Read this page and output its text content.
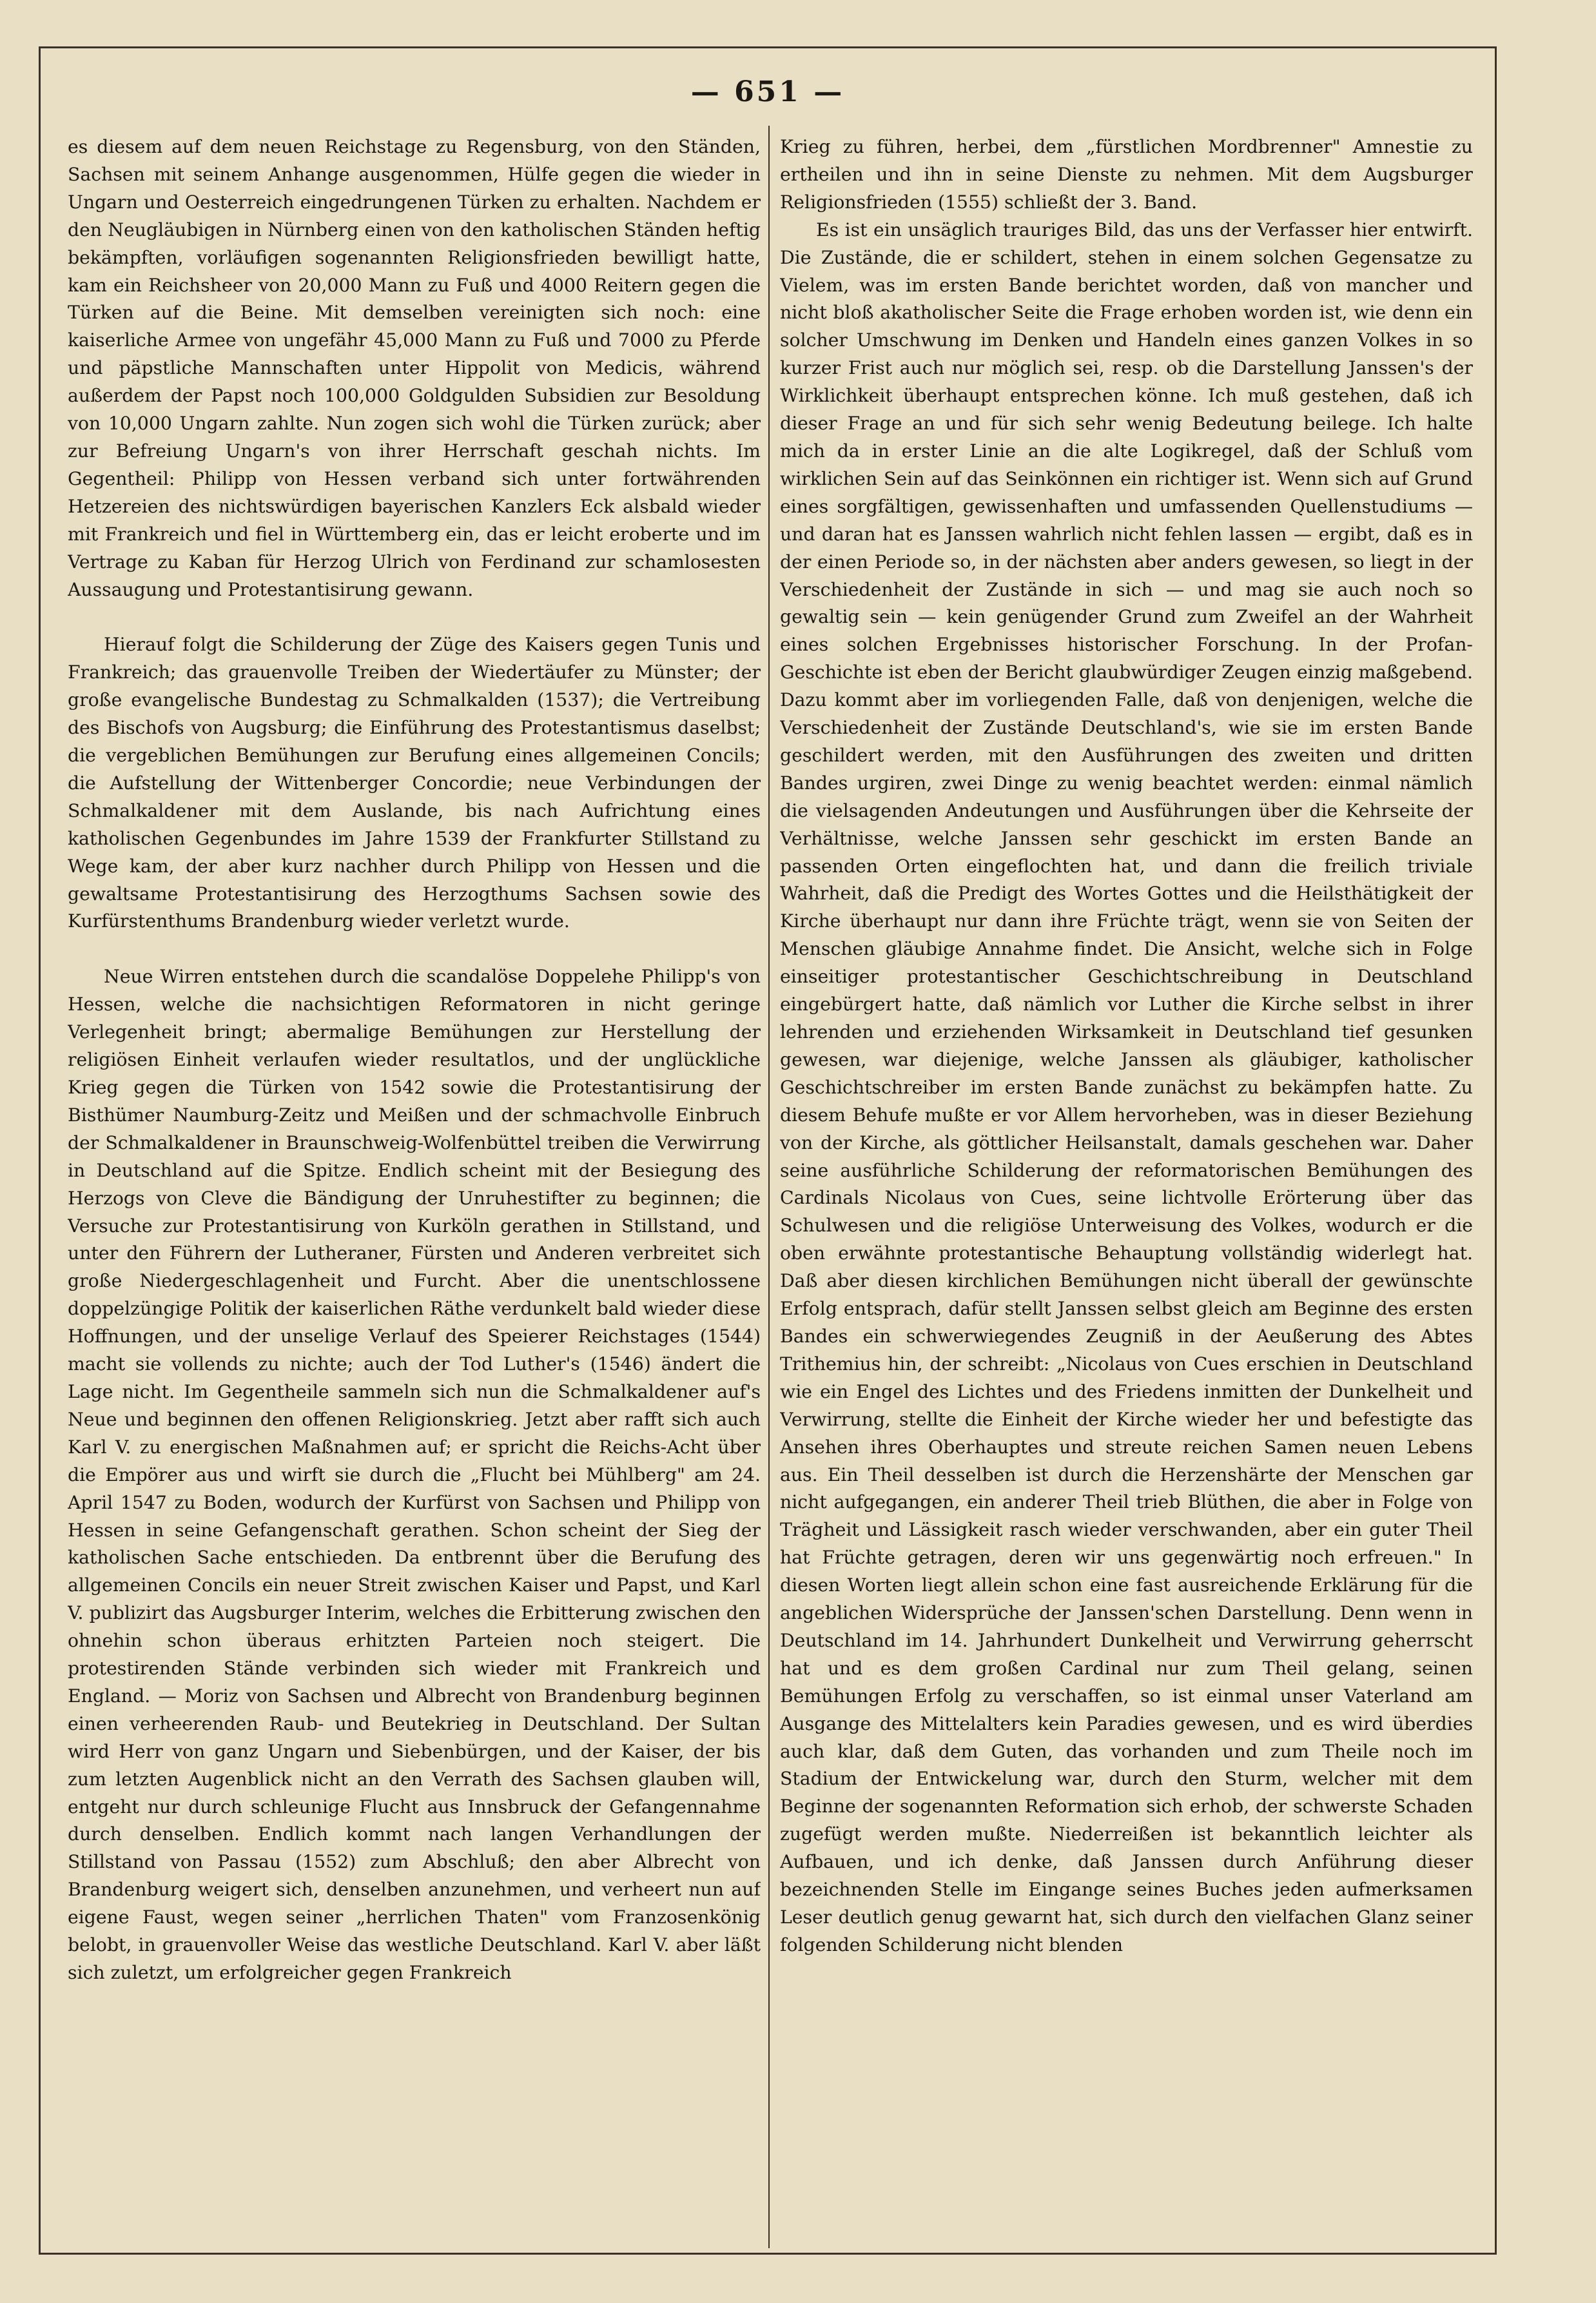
— 651 —

es diesem auf dem neuen Reichstage zu Regensburg, von den Ständen, Sachsen mit seinem Anhange ausgenommen, Hülfe gegen die wieder in Ungarn und Oesterreich eingedrungenen Türken zu erhalten. Nachdem er den Neugläubigen in Nürnberg einen von den katholischen Ständen heftig bekämpften, vorläufigen sogenannten Religionsfrieden bewilligt hatte, kam ein Reichsheer von 20,000 Mann zu Fuß und 4000 Reitern gegen die Türken auf die Beine. Mit demselben vereinigten sich noch: eine kaiserliche Armee von ungefähr 45,000 Mann zu Fuß und 7000 zu Pferde und päpstliche Mannschaften unter Hippolit von Medicis, während außerdem der Papst noch 100,000 Goldgulden Subsidien zur Besoldung von 10,000 Ungarn zahlte. Nun zogen sich wohl die Türken zurück; aber zur Befreiung Ungarn's von ihrer Herrschaft geschah nichts. Im Gegentheil: Philipp von Hessen verband sich unter fortwährenden Hetzereien des nichtswürdigen bayerischen Kanzlers Eck alsbald wieder mit Frankreich und fiel in Württemberg ein, das er leicht eroberte und im Vertrage zu Kaban für Herzog Ulrich von Ferdinand zur schamlosesten Aussaugung und Protestantisirung gewann.

Hierauf folgt die Schilderung der Züge des Kaisers gegen Tunis und Frankreich; das grauenvolle Treiben der Wiedertäufer zu Münster; der große evangelische Bundestag zu Schmalkalden (1537); die Vertreibung des Bischofs von Augsburg; die Einführung des Protestantismus daselbst; die vergeblichen Bemühungen zur Berufung eines allgemeinen Concils; die Aufstellung der Wittenberger Concordie; neue Verbindungen der Schmalkaldener mit dem Auslande, bis nach Aufrichtung eines katholischen Gegenbundes im Jahre 1539 der Frankfurter Stillstand zu Wege kam, der aber kurz nachher durch Philipp von Hessen und die gewaltsame Protestantisirung des Herzogthums Sachsen sowie des Kurfürstenthums Brandenburg wieder verletzt wurde.

Neue Wirren entstehen durch die scandalöse Doppelehe Philipp's von Hessen, welche die nachsichtigen Reformatoren in nicht geringe Verlegenheit bringt; abermalige Bemühungen zur Herstellung der religiösen Einheit verlaufen wieder resultatlos, und der unglückliche Krieg gegen die Türken von 1542 sowie die Protestantisirung der Bisthümer Naumburg-Zeitz und Meißen und der schmachvolle Einbruch der Schmalkaldener in Braunschweig-Wolfenbüttel treiben die Verwirrung in Deutschland auf die Spitze. Endlich scheint mit der Besiegung des Herzogs von Cleve die Bändigung der Unruhestifter zu beginnen; die Versuche zur Protestantisirung von Kurköln gerathen in Stillstand, und unter den Führern der Lutheraner, Fürsten und Anderen verbreitet sich große Niedergeschlagenheit und Furcht. Aber die unentschlossene doppelzüngige Politik der kaiserlichen Räthe verdunkelt bald wieder diese Hoffnungen, und der unselige Verlauf des Speierer Reichstages (1544) macht sie vollends zu nichte; auch der Tod Luther's (1546) ändert die Lage nicht. Im Gegentheile sammeln sich nun die Schmalkaldener auf's Neue und beginnen den offenen Religionskrieg. Jetzt aber rafft sich auch Karl V. zu energischen Maßnahmen auf; er spricht die Reichs-Acht über die Empörer aus und wirft sie durch die „Flucht bei Mühlberg" am 24. April 1547 zu Boden, wodurch der Kurfürst von Sachsen und Philipp von Hessen in seine Gefangenschaft gerathen. Schon scheint der Sieg der katholischen Sache entschieden. Da entbrennt über die Berufung des allgemeinen Concils ein neuer Streit zwischen Kaiser und Papst, und Karl V. publizirt das Augsburger Interim, welches die Erbitterung zwischen den ohnehin schon überaus erhitzten Parteien noch steigert. Die protestirenden Stände verbinden sich wieder mit Frankreich und England. — Moriz von Sachsen und Albrecht von Brandenburg beginnen einen verheerenden Raub- und Beutekrieg in Deutschland. Der Sultan wird Herr von ganz Ungarn und Siebenbürgen, und der Kaiser, der bis zum letzten Augenblick nicht an den Verrath des Sachsen glauben will, entgeht nur durch schleunige Flucht aus Innsbruck der Gefangennahme durch denselben. Endlich kommt nach langen Verhandlungen der Stillstand von Passau (1552) zum Abschluß; den aber Albrecht von Brandenburg weigert sich, denselben anzunehmen, und verheert nun auf eigene Faust, wegen seiner „herrlichen Thaten" vom Franzosenkönig belobt, in grauenvoller Weise das westliche Deutschland. Karl V. aber läßt sich zuletzt, um erfolgreicher gegen Frankreich

Krieg zu führen, herbei, dem „fürstlichen Mordbrenner" Amnestie zu ertheilen und ihn in seine Dienste zu nehmen. Mit dem Augsburger Religionsfrieden (1555) schließt der 3. Band.

Es ist ein unsäglich trauriges Bild, das uns der Verfasser hier entwirft. Die Zustände, die er schildert, stehen in einem solchen Gegensatze zu Vielem, was im ersten Bande berichtet worden, daß von mancher und nicht bloß akatholischer Seite die Frage erhoben worden ist, wie denn ein solcher Umschwung im Denken und Handeln eines ganzen Volkes in so kurzer Frist auch nur möglich sei, resp. ob die Darstellung Janssen's der Wirklichkeit überhaupt entsprechen könne. Ich muß gestehen, daß ich dieser Frage an und für sich sehr wenig Bedeutung beilege. Ich halte mich da in erster Linie an die alte Logikregel, daß der Schluß vom wirklichen Sein auf das Seinkönnen ein richtiger ist. Wenn sich auf Grund eines sorgfältigen, gewissenhaften und umfassenden Quellenstudiums — und daran hat es Janssen wahrlich nicht fehlen lassen — ergibt, daß es in der einen Periode so, in der nächsten aber anders gewesen, so liegt in der Verschiedenheit der Zustände in sich — und mag sie auch noch so gewaltig sein — kein genügender Grund zum Zweifel an der Wahrheit eines solchen Ergebnisses historischer Forschung. In der Profan-Geschichte ist eben der Bericht glaubwürdiger Zeugen einzig maßgebend. Dazu kommt aber im vorliegenden Falle, daß von denjenigen, welche die Verschiedenheit der Zustände Deutschland's, wie sie im ersten Bande geschildert werden, mit den Ausführungen des zweiten und dritten Bandes urgiren, zwei Dinge zu wenig beachtet werden: einmal nämlich die vielsagenden Andeutungen und Ausführungen über die Kehrseite der Verhältnisse, welche Janssen sehr geschickt im ersten Bande an passenden Orten eingeflochten hat, und dann die freilich triviale Wahrheit, daß die Predigt des Wortes Gottes und die Heilsthätigkeit der Kirche überhaupt nur dann ihre Früchte trägt, wenn sie von Seiten der Menschen gläubige Annahme findet. Die Ansicht, welche sich in Folge einseitiger protestantischer Geschichtschreibung in Deutschland eingebürgert hatte, daß nämlich vor Luther die Kirche selbst in ihrer lehrenden und erziehenden Wirksamkeit in Deutschland tief gesunken gewesen, war diejenige, welche Janssen als gläubiger, katholischer Geschichtschreiber im ersten Bande zunächst zu bekämpfen hatte. Zu diesem Behufe mußte er vor Allem hervorheben, was in dieser Beziehung von der Kirche, als göttlicher Heilsanstalt, damals geschehen war. Daher seine ausführliche Schilderung der reformatorischen Bemühungen des Cardinals Nicolaus von Cues, seine lichtvolle Erörterung über das Schulwesen und die religiöse Unterweisung des Volkes, wodurch er die oben erwähnte protestantische Behauptung vollständig widerlegt hat. Daß aber diesen kirchlichen Bemühungen nicht überall der gewünschte Erfolg entsprach, dafür stellt Janssen selbst gleich am Beginne des ersten Bandes ein schwerwiegendes Zeugniß in der Aeußerung des Abtes Trithemius hin, der schreibt: „Nicolaus von Cues erschien in Deutschland wie ein Engel des Lichtes und des Friedens inmitten der Dunkelheit und Verwirrung, stellte die Einheit der Kirche wieder her und befestigte das Ansehen ihres Oberhauptes und streute reichen Samen neuen Lebens aus. Ein Theil desselben ist durch die Herzenshärte der Menschen gar nicht aufgegangen, ein anderer Theil trieb Blüthen, die aber in Folge von Trägheit und Lässigkeit rasch wieder verschwanden, aber ein guter Theil hat Früchte getragen, deren wir uns gegenwärtig noch erfreuen." In diesen Worten liegt allein schon eine fast ausreichende Erklärung für die angeblichen Widersprüche der Janssen'schen Darstellung. Denn wenn in Deutschland im 14. Jahrhundert Dunkelheit und Verwirrung geherrscht hat und es dem großen Cardinal nur zum Theil gelang, seinen Bemühungen Erfolg zu verschaffen, so ist einmal unser Vaterland am Ausgange des Mittelalters kein Paradies gewesen, und es wird überdies auch klar, daß dem Guten, das vorhanden und zum Theile noch im Stadium der Entwickelung war, durch den Sturm, welcher mit dem Beginne der sogenannten Reformation sich erhob, der schwerste Schaden zugefügt werden mußte. Niederreißen ist bekanntlich leichter als Aufbauen, und ich denke, daß Janssen durch Anführung dieser bezeichnenden Stelle im Eingange seines Buches jeden aufmerksamen Leser deutlich genug gewarnt hat, sich durch den vielfachen Glanz seiner folgenden Schilderung nicht blenden
